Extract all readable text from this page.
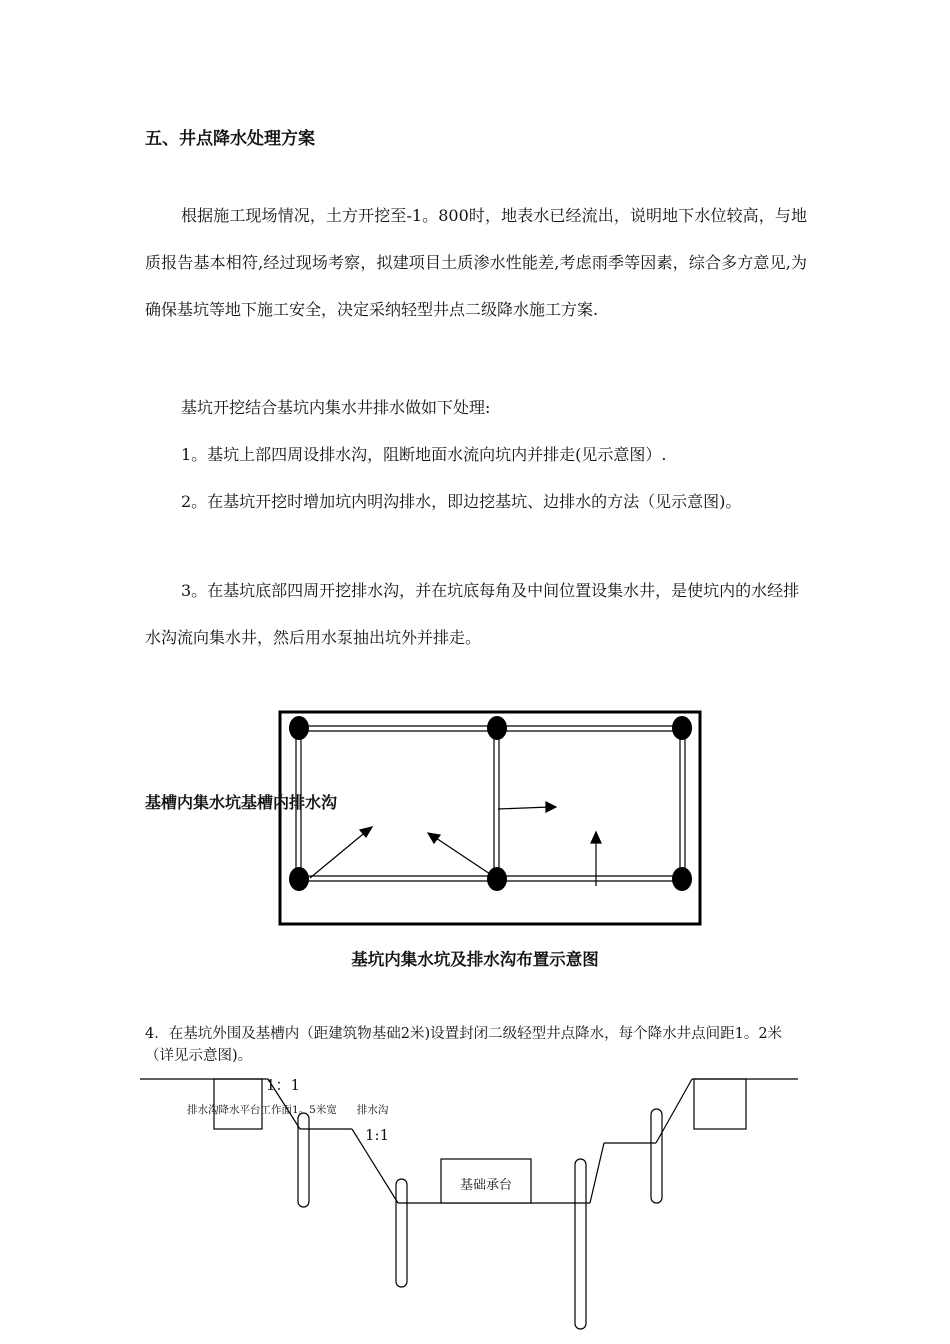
五、井点降水处理方案

根据施工现场情况，土方开挖至-1。800时，地表水已经流出，说明地下水位较高，与地质报告基本相符,经过现场考察，拟建项目土质渗水性能差,考虑雨季等因素，综合多方意见,为确保基坑等地下施工安全，决定采纳轻型井点二级降水施工方案.

基坑开挖结合基坑内集水井排水做如下处理:

1。基坑上部四周设排水沟，阻断地面水流向坑内并排走(见示意图）.

2。在基坑开挖时增加坑内明沟排水，即边挖基坑、边排水的方法（见示意图)。

3。在基坑底部四周开挖排水沟，并在坑底每角及中间位置设集水井，是使坑内的水经排水沟流向集水井，然后用水泵抽出坑外并排走。

基槽内集水坑基槽内排水沟
基坑内集水坑及排水沟布置示意图

4．在基坑外围及基槽内（距建筑物基础2米)设置封闭二级轻型井点降水，每个降水井点间距1。2米（详见示意图)。

1：1
1:1
排水沟降水平台工作面1。5米宽      排水沟
基础承台
